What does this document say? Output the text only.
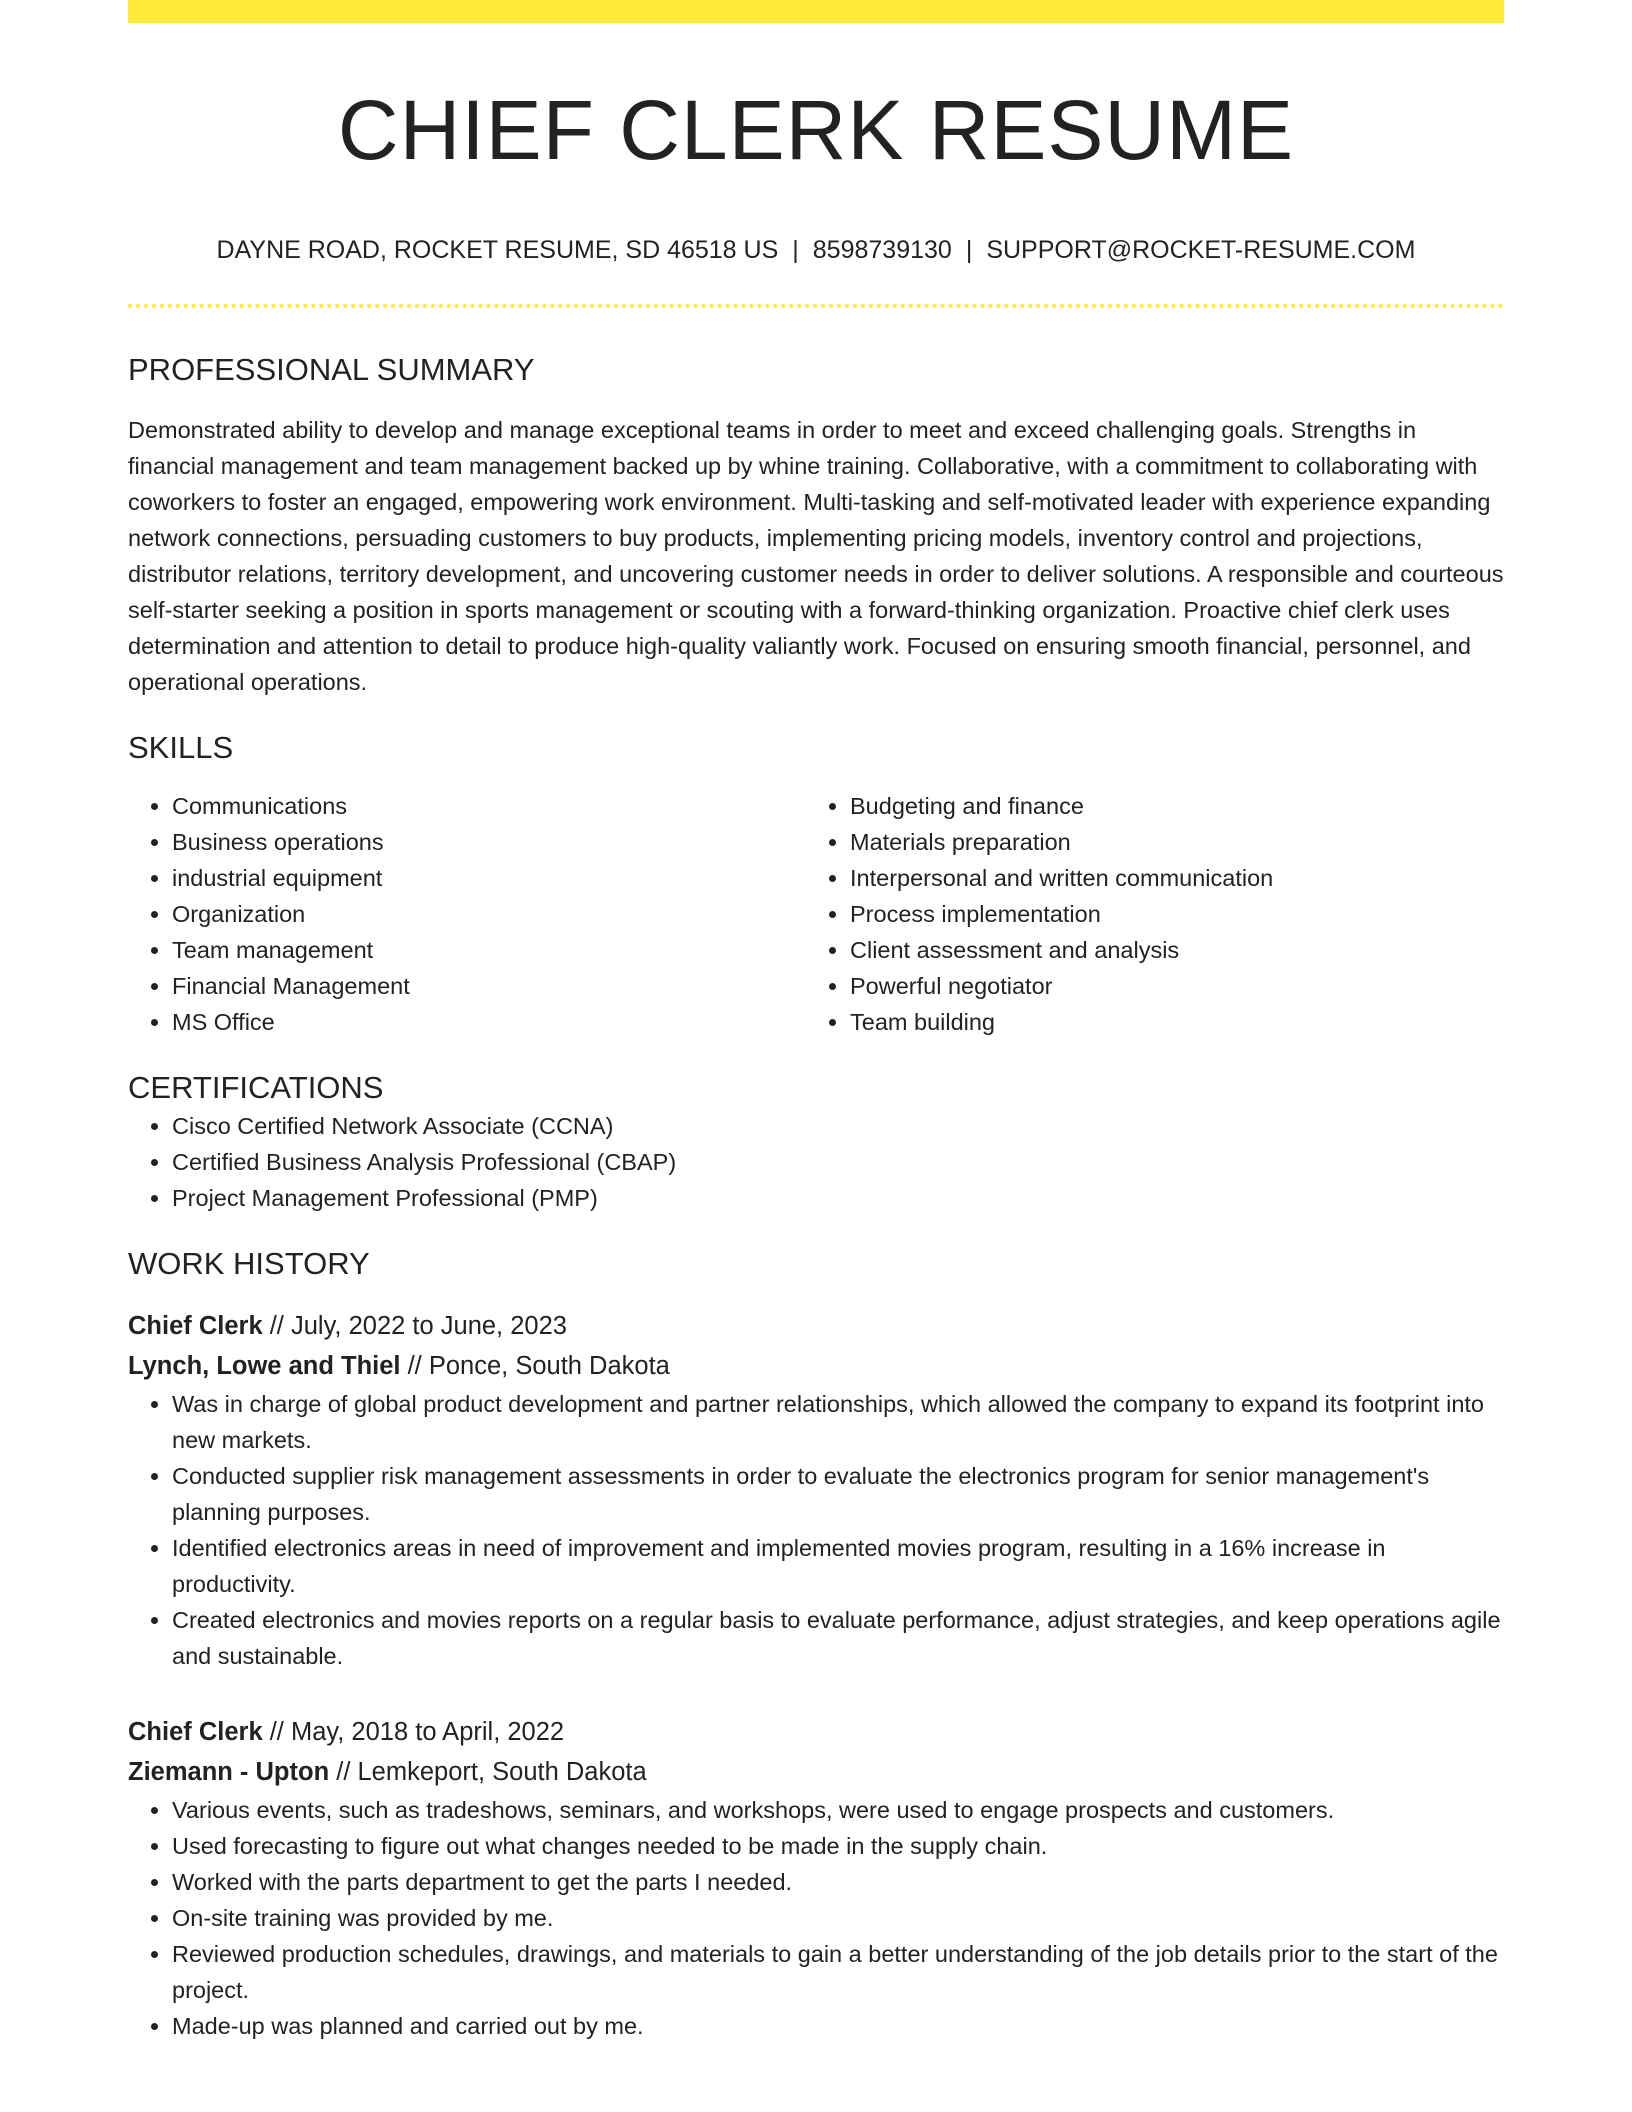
CHIEF CLERK RESUME
DAYNE ROAD, ROCKET RESUME, SD 46518 US | 8598739130 | SUPPORT@ROCKET-RESUME.COM
PROFESSIONAL SUMMARY

Demonstrated ability to develop and manage exceptional teams in order to meet and exceed challenging goals. Strengths in financial management and team management backed up by whine training. Collaborative, with a commitment to collaborating with coworkers to foster an engaged, empowering work environment. Multi-tasking and self-motivated leader with experience expanding network connections, persuading customers to buy products, implementing pricing models, inventory control and projections, distributor relations, territory development, and uncovering customer needs in order to deliver solutions. A responsible and courteous self-starter seeking a position in sports management or scouting with a forward-thinking organization. Proactive chief clerk uses determination and attention to detail to produce high-quality valiantly work. Focused on ensuring smooth financial, personnel, and operational operations.

SKILLS
• Communications
• Business operations
• industrial equipment
• Organization
• Team management
• Financial Management
• MS Office
• Budgeting and finance
• Materials preparation
• Interpersonal and written communication
• Process implementation
• Client assessment and analysis
• Powerful negotiator
• Team building
CERTIFICATIONS
• Cisco Certified Network Associate (CCNA)
• Certified Business Analysis Professional (CBAP)
• Project Management Professional (PMP)
WORK HISTORY
Chief Clerk // July, 2022 to June, 2023
Lynch, Lowe and Thiel // Ponce, South Dakota
• Was in charge of global product development and partner relationships, which allowed the company to expand its footprint into new markets.
• Conducted supplier risk management assessments in order to evaluate the electronics program for senior management's planning purposes.
• Identified electronics areas in need of improvement and implemented movies program, resulting in a 16% increase in productivity.
• Created electronics and movies reports on a regular basis to evaluate performance, adjust strategies, and keep operations agile and sustainable.
Chief Clerk // May, 2018 to April, 2022
Ziemann - Upton // Lemkeport, South Dakota
• Various events, such as tradeshows, seminars, and workshops, were used to engage prospects and customers.
• Used forecasting to figure out what changes needed to be made in the supply chain.
• Worked with the parts department to get the parts I needed.
• On-site training was provided by me.
• Reviewed production schedules, drawings, and materials to gain a better understanding of the job details prior to the start of the project.
• Made-up was planned and carried out by me.
